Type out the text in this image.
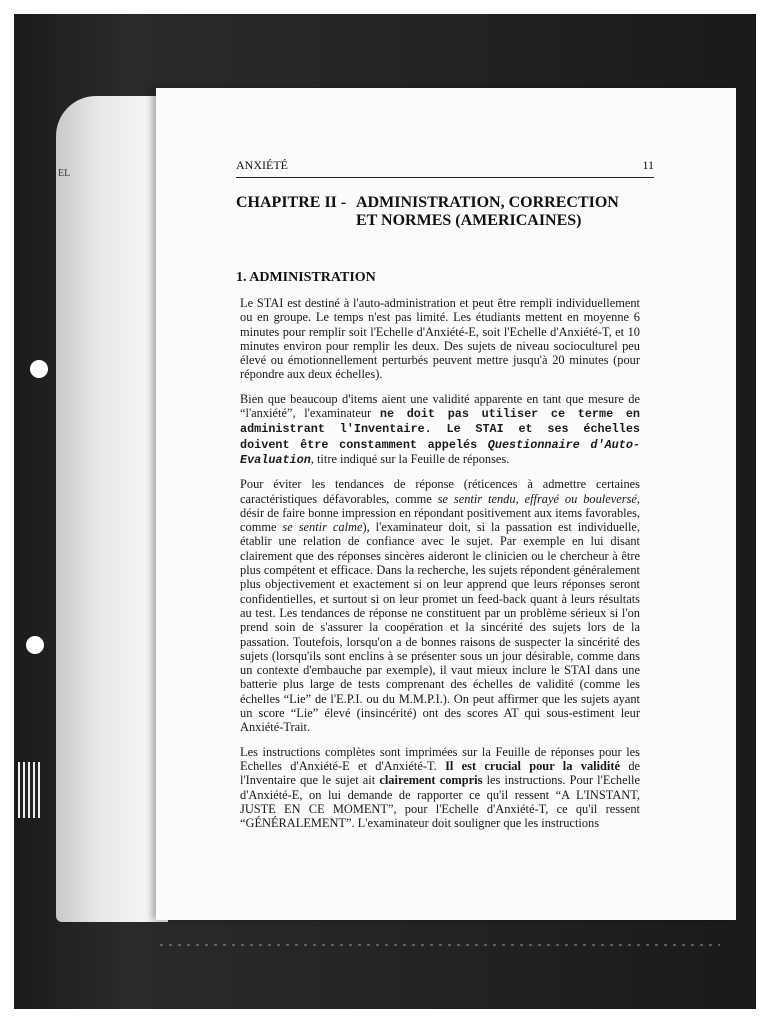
EL
ANXIÉTÉ	11
CHAPITRE II - ADMINISTRATION, CORRECTION
ET NORMES (AMERICAINES)
1. ADMINISTRATION

Le STAI est destiné à l'auto-administration et peut être rempli individuellement ou en groupe. Le temps n'est pas limité. Les étudiants mettent en moyenne 6 minutes pour remplir soit l'Echelle d'Anxiété-E, soit l'Echelle d'Anxiété-T, et 10 minutes environ pour remplir les deux. Des sujets de niveau socioculturel peu élevé ou émotionnellement perturbés peuvent mettre jusqu'à 20 minutes (pour répondre aux deux échelles).

Bien que beaucoup d'items aient une validité apparente en tant que mesure de “l'anxiété”, l'examinateur ne doit pas utiliser ce terme en administrant l'Inventaire. Le STAI et ses échelles doivent être constamment appelés Questionnaire d'Auto-Evaluation, titre indiqué sur la Feuille de réponses.

Pour éviter les tendances de réponse (réticences à admettre certaines caractéristiques défavorables, comme se sentir tendu, effrayé ou bouleversé, désir de faire bonne impression en répondant positivement aux items favorables, comme se sentir calme), l'examinateur doit, si la passation est individuelle, établir une relation de confiance avec le sujet. Par exemple en lui disant clairement que des réponses sincères aideront le clinicien ou le chercheur à être plus compétent et efficace. Dans la recherche, les sujets répondent généralement plus objectivement et exactement si on leur apprend que leurs réponses seront confidentielles, et surtout si on leur promet un feed-back quant à leurs résultats au test. Les tendances de réponse ne constituent par un problème sérieux si l'on prend soin de s'assurer la coopération et la sincérité des sujets lors de la passation. Toutefois, lorsqu'on a de bonnes raisons de suspecter la sincérité des sujets (lorsqu'ils sont enclins à se présenter sous un jour désirable, comme dans un contexte d'embauche par exemple), il vaut mieux inclure le STAI dans une batterie plus large de tests comprenant des échelles de validité (comme les échelles “Lie” de l'E.P.I. ou du M.M.P.I.). On peut affirmer que les sujets ayant un score “Lie” élevé (insincérité) ont des scores AT qui sous-estiment leur Anxiété-Trait.

Les instructions complètes sont imprimées sur la Feuille de réponses pour les Echelles d'Anxiété-E et d'Anxiété-T. Il est crucial pour la validité de l'Inventaire que le sujet ait clairement compris les instructions. Pour l'Echelle d'Anxiété-E, on lui demande de rapporter ce qu'il ressent “A L'INSTANT, JUSTE EN CE MOMENT”, pour l'Echelle d'Anxiété-T, ce qu'il ressent “GÉNÉRALEMENT”. L'examinateur doit souligner que les instructions
